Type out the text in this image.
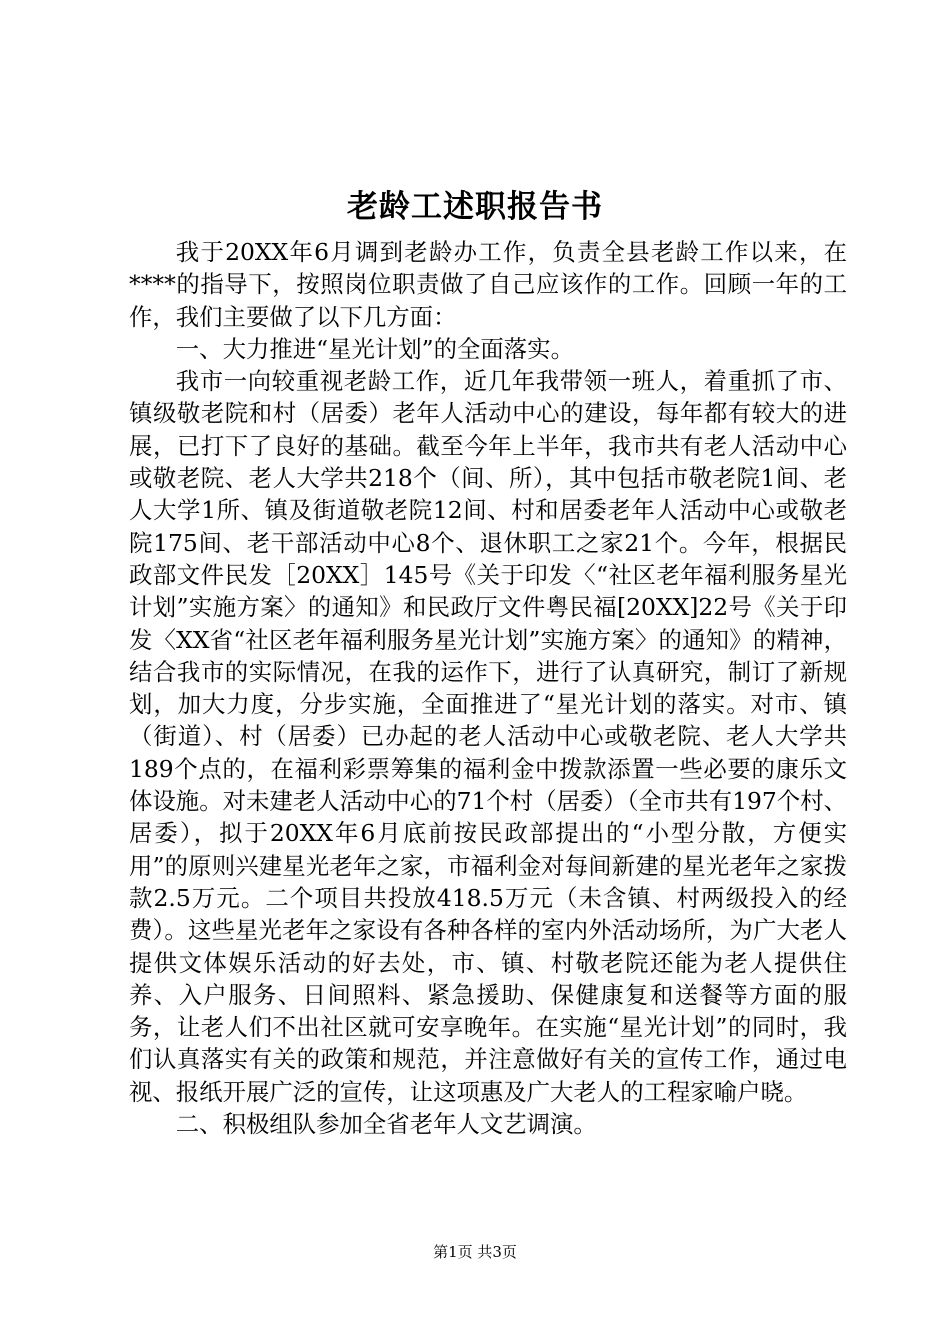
老龄工述职报告书

我于20XX年6月调到老龄办工作，负责全县老龄工作以来，在****的指导下，按照岗位职责做了自己应该作的工作。回顾一年的工作，我们主要做了以下几方面：

一、大力推进“星光计划”的全面落实。

我市一向较重视老龄工作，近几年我带领一班人，着重抓了市、镇级敬老院和村（居委）老年人活动中心的建设，每年都有较大的进展，已打下了良好的基础。截至今年上半年，我市共有老人活动中心或敬老院、老人大学共218个（间、所），其中包括市敬老院1间、老人大学1所、镇及街道敬老院12间、村和居委老年人活动中心或敬老院175间、老干部活动中心8个、退休职工之家21个。今年，根据民政部文件民发［20XX］145号《关于印发〈“社区老年福利服务星光计划”实施方案〉的通知》和民政厅文件粤民福[20XX]22号《关于印发〈XX省“社区老年福利服务星光计划”实施方案〉的通知》的精神，结合我市的实际情况，在我的运作下，进行了认真研究，制订了新规划，加大力度，分步实施，全面推进了“星光计划的落实。对市、镇（街道）、村（居委）已办起的老人活动中心或敬老院、老人大学共189个点的，在福利彩票筹集的福利金中拨款添置一些必要的康乐文体设施。对未建老人活动中心的71个村（居委）（全市共有197个村、居委），拟于20XX年6月底前按民政部提出的“小型分散，方便实用”的原则兴建星光老年之家，市福利金对每间新建的星光老年之家拨款2.5万元。二个项目共投放418.5万元（未含镇、村两级投入的经费）。这些星光老年之家设有各种各样的室内外活动场所，为广大老人提供文体娱乐活动的好去处，市、镇、村敬老院还能为老人提供住养、入户服务、日间照料、紧急援助、保健康复和送餐等方面的服务，让老人们不出社区就可安享晚年。在实施“星光计划”的同时，我们认真落实有关的政策和规范，并注意做好有关的宣传工作，通过电视、报纸开展广泛的宣传，让这项惠及广大老人的工程家喻户晓。

二、积极组队参加全省老年人文艺调演。

第1页 共3页
